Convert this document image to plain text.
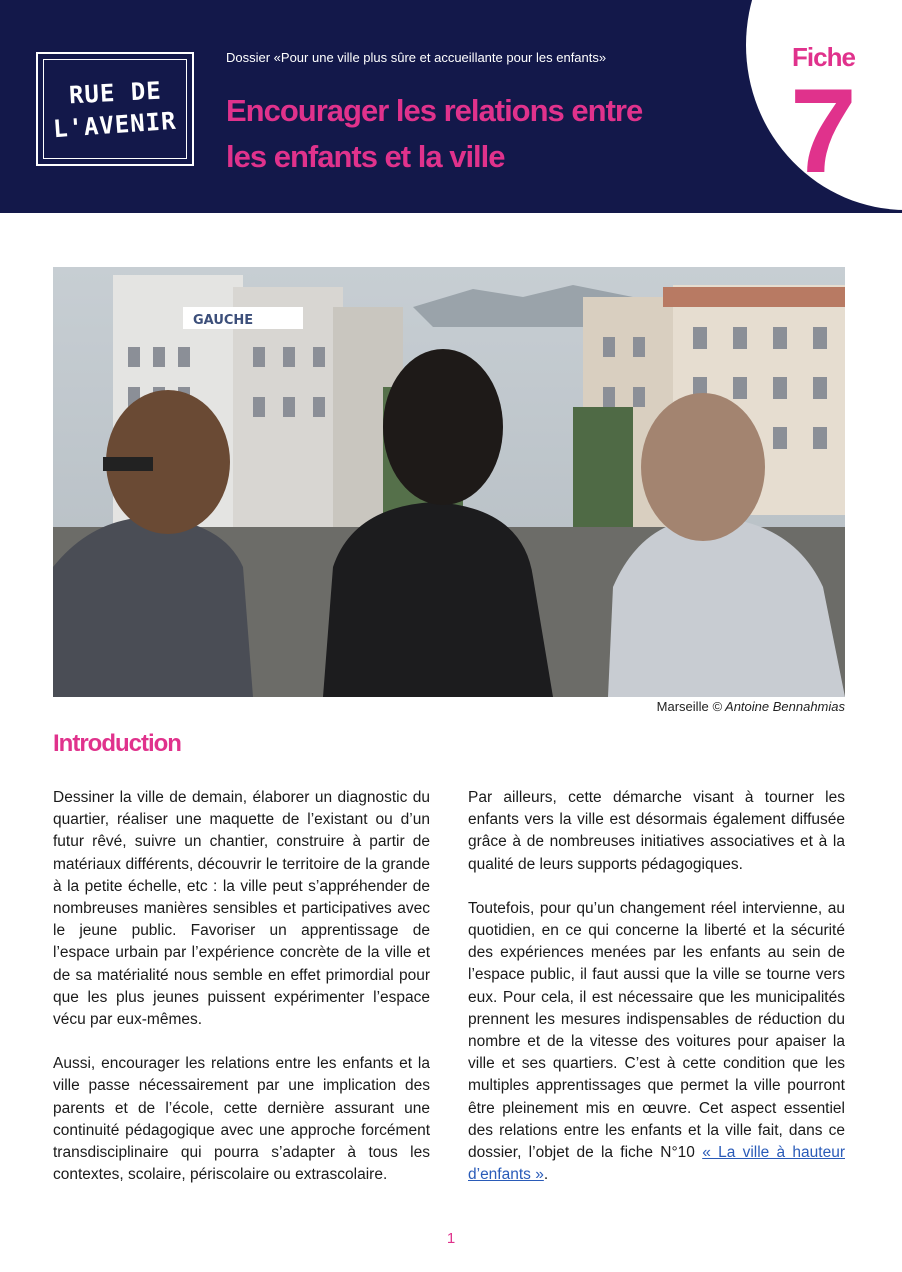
RUE DE
L'AVENIR
Dossier «Pour une ville plus sûre et accueillante pour les enfants»
Encourager les relations entre
les enfants et la ville
Fiche
7
GAUCHE
Marseille © Antoine Bennahmias
Introduction

Dessiner la ville de demain, élaborer un diagnostic du quartier, réaliser une maquette de l’existant ou d’un futur rêvé, suivre un chantier, construire à partir de matériaux différents, découvrir le territoire de la grande à la petite échelle, etc : la ville peut s’appréhender de nombreuses manières sensibles et participatives avec le jeune public. Favoriser un apprentissage de l’espace urbain par l’expérience concrète de la ville et de sa matérialité nous semble en effet primordial pour que les plus jeunes puissent expérimenter l’espace vécu par eux-mêmes.

Aussi, encourager les relations entre les enfants et la ville passe nécessairement par une implication des parents et de l’école, cette dernière assurant une continuité pédagogique avec une approche forcément transdisciplinaire qui pourra s’adapter à tous les contextes, scolaire, périscolaire ou extrascolaire.

Par ailleurs, cette démarche visant à tourner les enfants vers la ville est désormais également diffusée grâce à de nombreuses initiatives associatives et à la qualité de leurs supports pédagogiques.

Toutefois, pour qu’un changement réel intervienne, au quotidien, en ce qui concerne la liberté et la sécurité des expériences menées par les enfants au sein de l’espace public, il faut aussi que la ville se tourne vers eux. Pour cela, il est nécessaire que les municipalités prennent les mesures indispensables de réduction du nombre et de la vitesse des voitures pour apaiser la ville et ses quartiers. C’est à cette condition que les multiples apprentissages que permet la ville pourront être pleinement mis en œuvre. Cet aspect essentiel des relations entre les enfants et la ville fait, dans ce dossier, l’objet de la fiche N°10 « La ville à hauteur d’enfants ».

1
